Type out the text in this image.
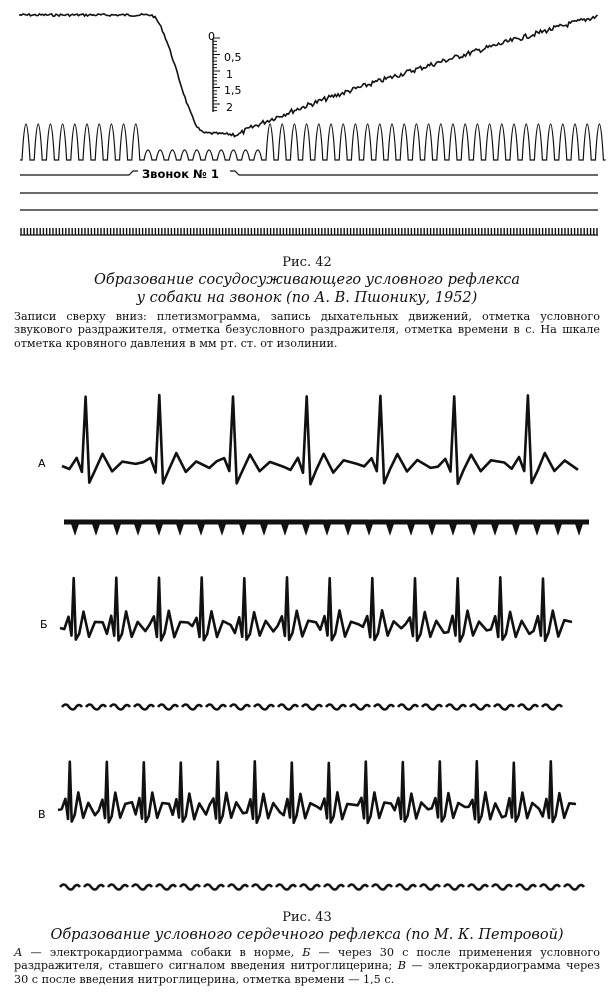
0
0,5
1
1,5
2
Звонок № 1
Рис. 42
Образование сосудосуживающего условного рефлекса
у собаки на звонок (по А. В. Пшонику, 1952)
Записи сверху вниз: плетизмограмма, запись дыхательных движений, отметка условного звукового раздражителя, отметка безусловного раздражителя, отметка времени в с. На шкале отметка кровяного давления в мм рт. ст. от изолинии.
А
Б
В
Рис. 43
Образование условного сердечного рефлекса (по М. К. Петровой)
А — электрокардиограмма собаки в норме, Б — через 30 с после применения условного раздражителя, ставшего сигналом введения нитроглицерина; В — электрокардиограмма через 30 с после введения нитроглицерина, отметка времени — 1,5 с.
